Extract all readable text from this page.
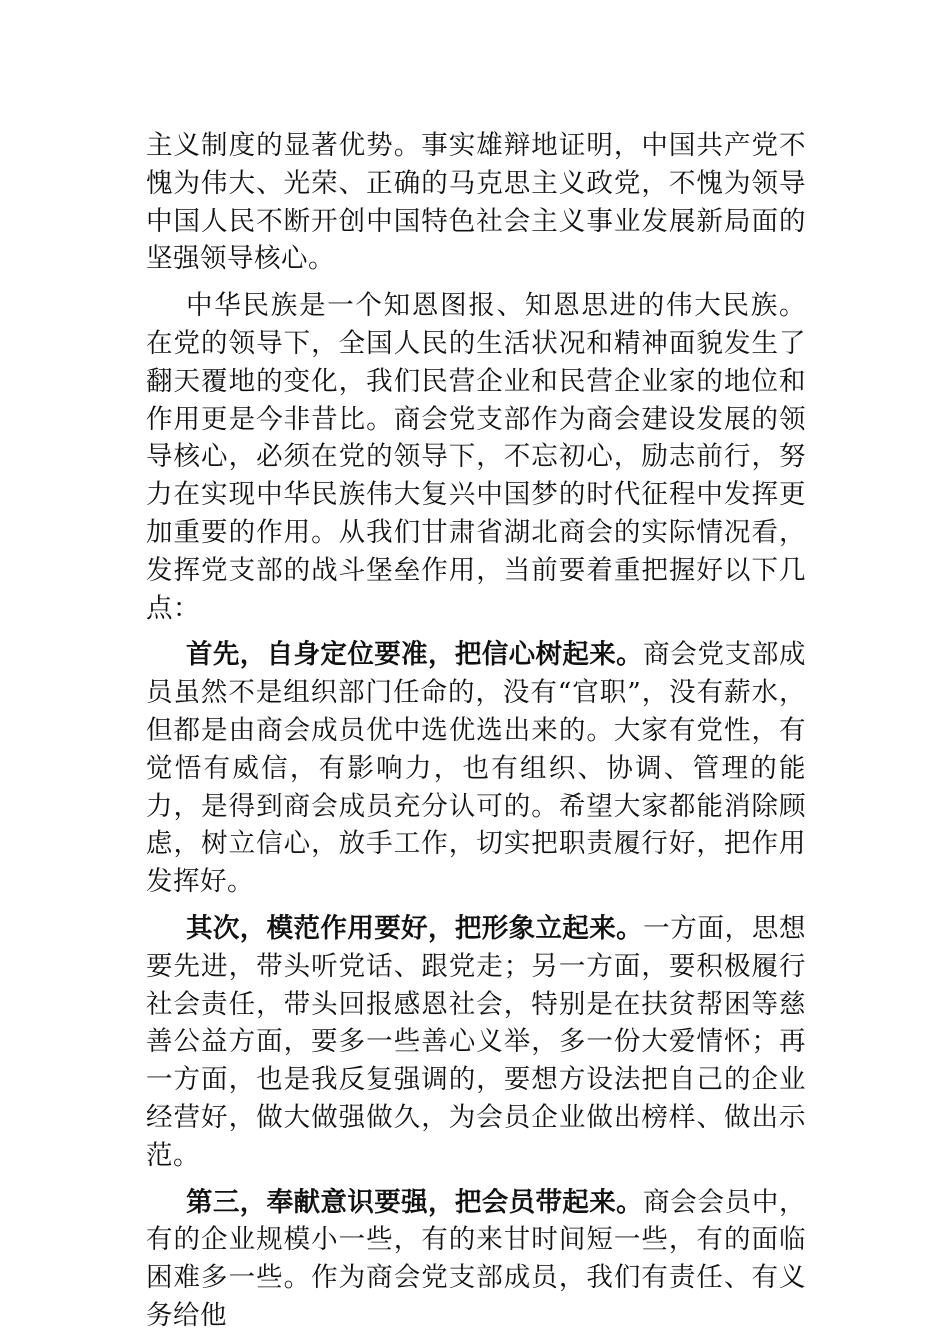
主义制度的显著优势。事实雄辩地证明，中国共产党不愧为伟大、光荣、正确的马克思主义政党，不愧为领导中国人民不断开创中国特色社会主义事业发展新局面的坚强领导核心。

中华民族是一个知恩图报、知恩思进的伟大民族。在党的领导下，全国人民的生活状况和精神面貌发生了翻天覆地的变化，我们民营企业和民营企业家的地位和作用更是今非昔比。商会党支部作为商会建设发展的领导核心，必须在党的领导下，不忘初心，励志前行，努力在实现中华民族伟大复兴中国梦的时代征程中发挥更加重要的作用。从我们甘肃省湖北商会的实际情况看，发挥党支部的战斗堡垒作用，当前要着重把握好以下几点：

首先，自身定位要准，把信心树起来。商会党支部成员虽然不是组织部门任命的，没有“官职”，没有薪水，但都是由商会成员优中选优选出来的。大家有党性，有觉悟有威信，有影响力，也有组织、协调、管理的能力，是得到商会成员充分认可的。希望大家都能消除顾虑，树立信心，放手工作，切实把职责履行好，把作用发挥好。

其次，模范作用要好，把形象立起来。一方面，思想要先进，带头听党话、跟党走；另一方面，要积极履行社会责任，带头回报感恩社会，特别是在扶贫帮困等慈善公益方面，要多一些善心义举，多一份大爱情怀；再一方面，也是我反复强调的，要想方设法把自己的企业经营好，做大做强做久，为会员企业做出榜样、做出示范。

第三，奉献意识要强，把会员带起来。商会会员中，有的企业规模小一些，有的来甘时间短一些，有的面临困难多一些。作为商会党支部成员，我们有责任、有义务给他
